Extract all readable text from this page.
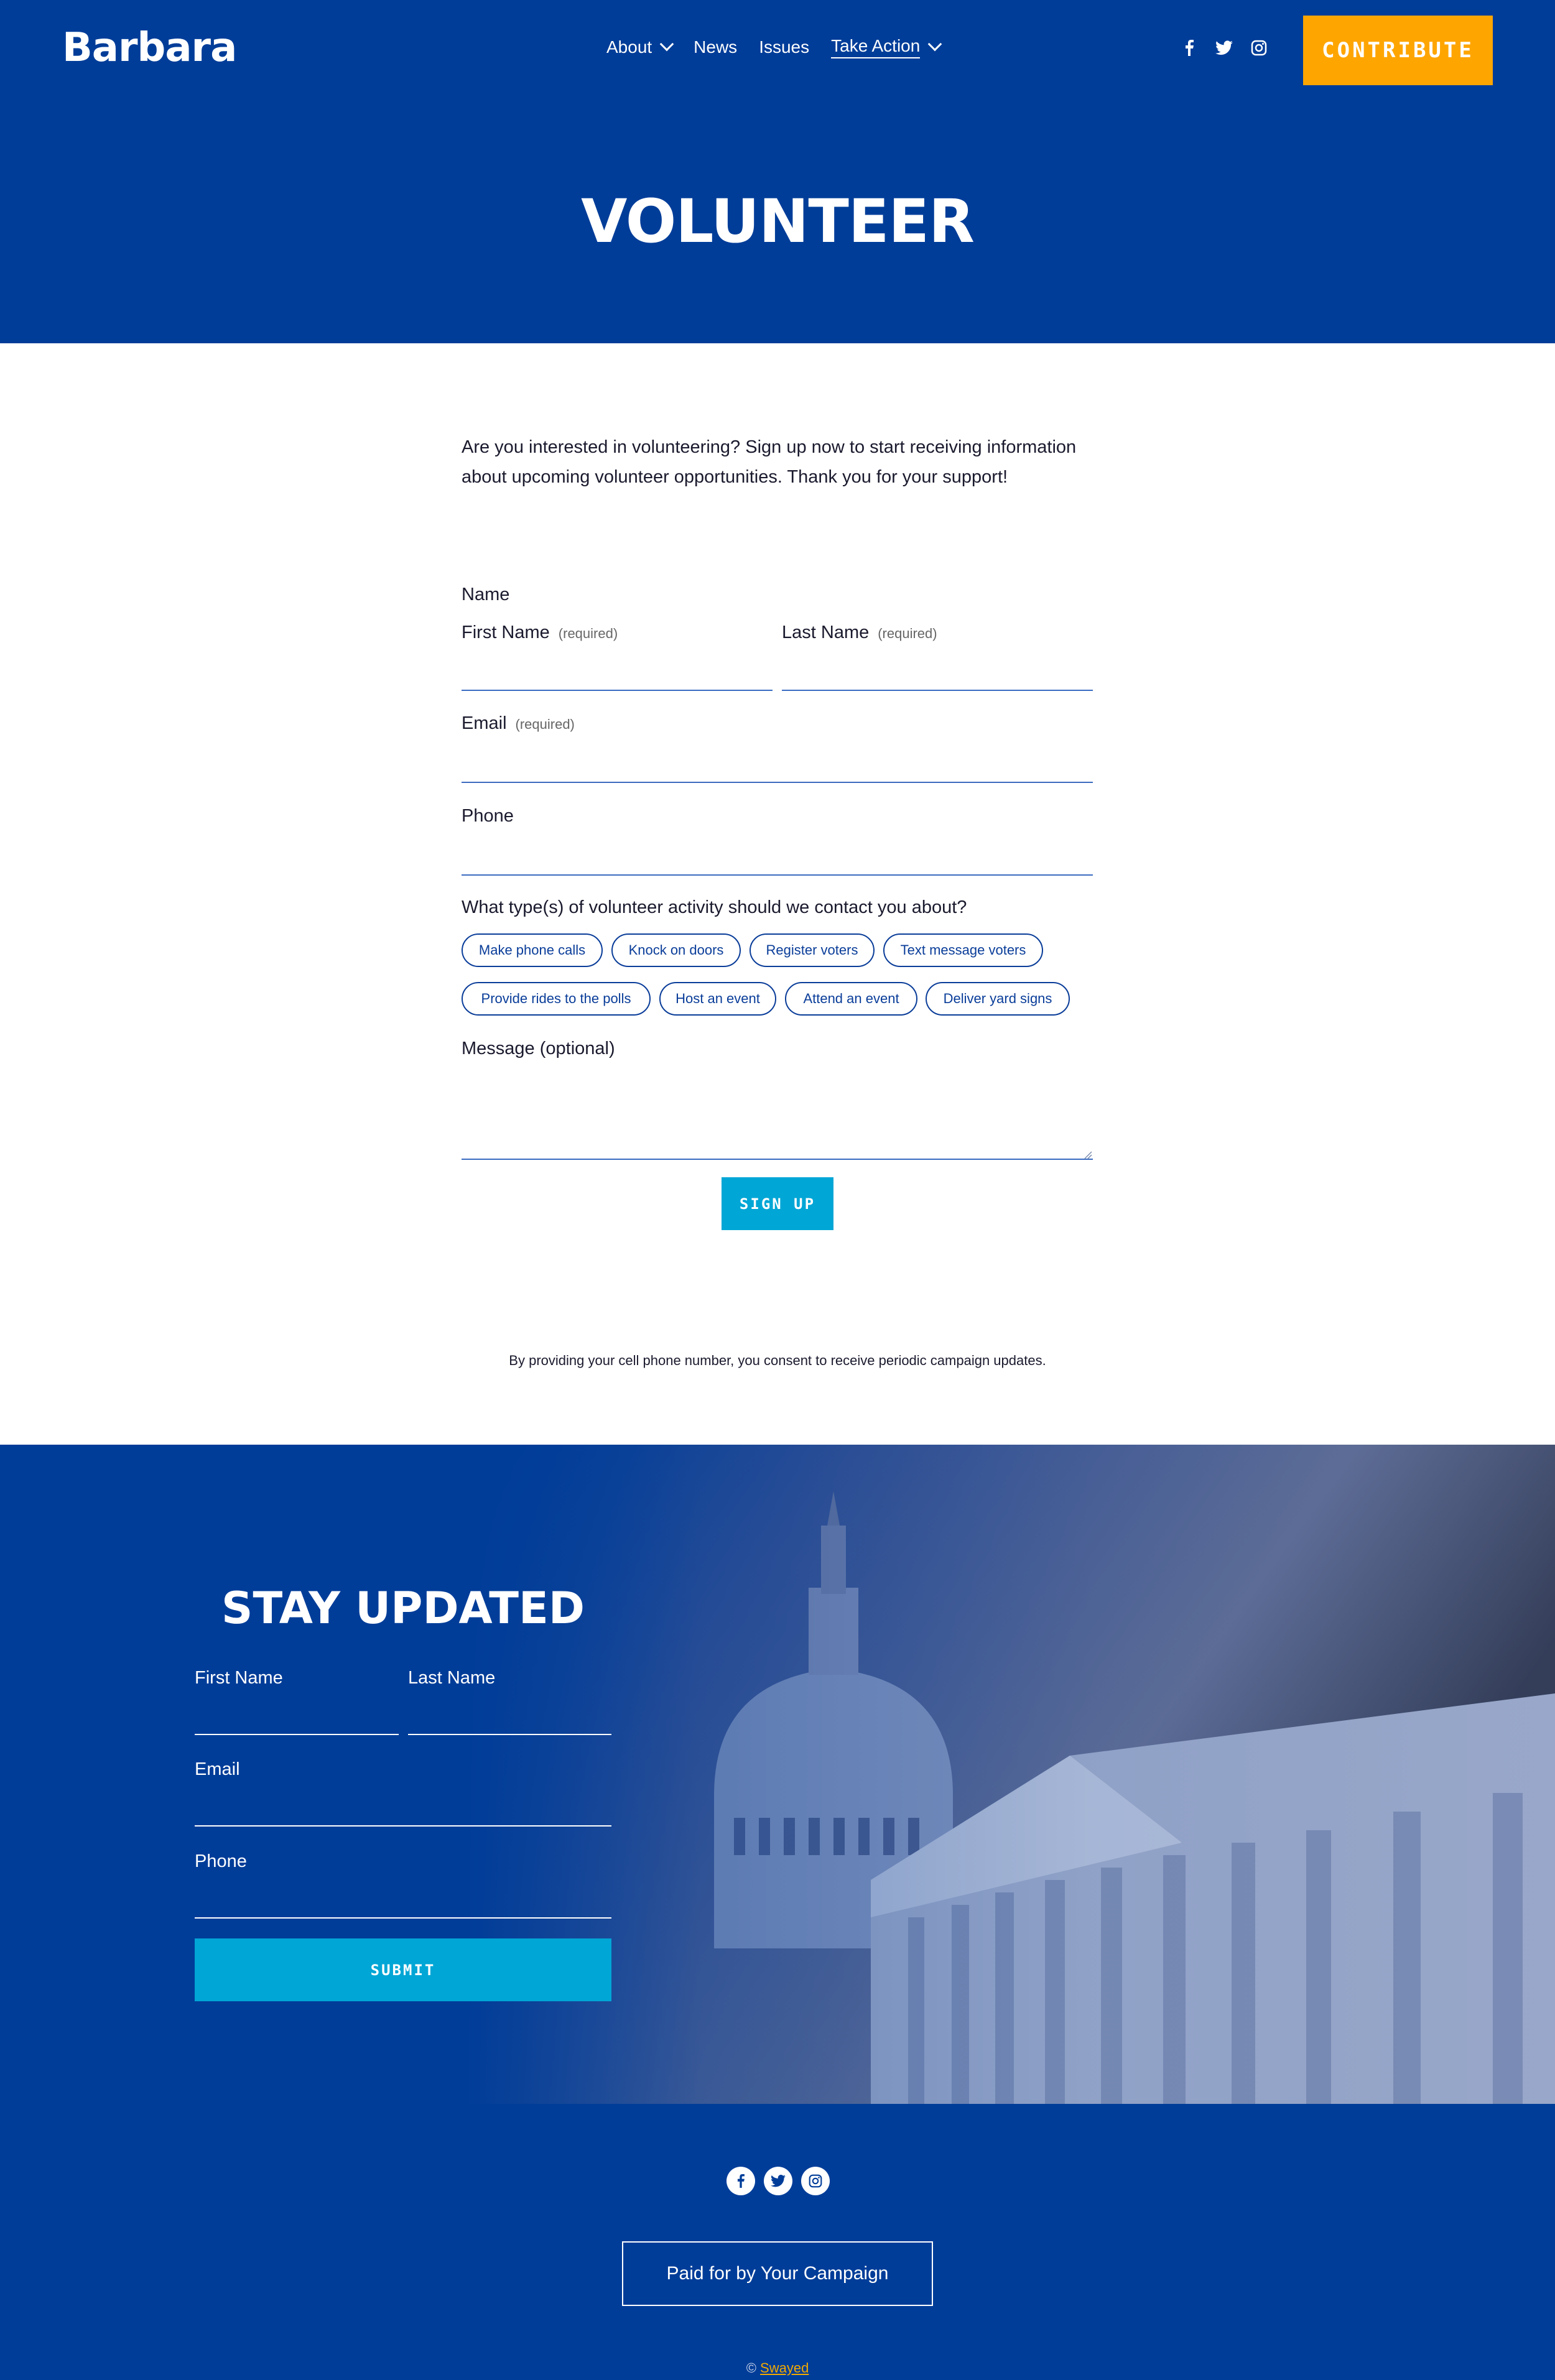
Barbara	About News Issues Take Action	CONTRIBUTE
VOLUNTEER
Are you interested in volunteering? Sign up now to start receiving information about upcoming volunteer opportunities. Thank you for your support!
Name
First Name (required)	Last Name (required)
Email (required)
Phone
What type(s) of volunteer activity should we contact you about?
Make phone calls	Knock on doors	Register voters	Text message voters
Provide rides to the polls	Host an event	Attend an event	Deliver yard signs
Message (optional)
SIGN UP
By providing your cell phone number, you consent to receive periodic campaign updates.
STAY UPDATED
First Name	Last Name
Email
Phone
SUBMIT
Paid for by Your Campaign
© Swayed
